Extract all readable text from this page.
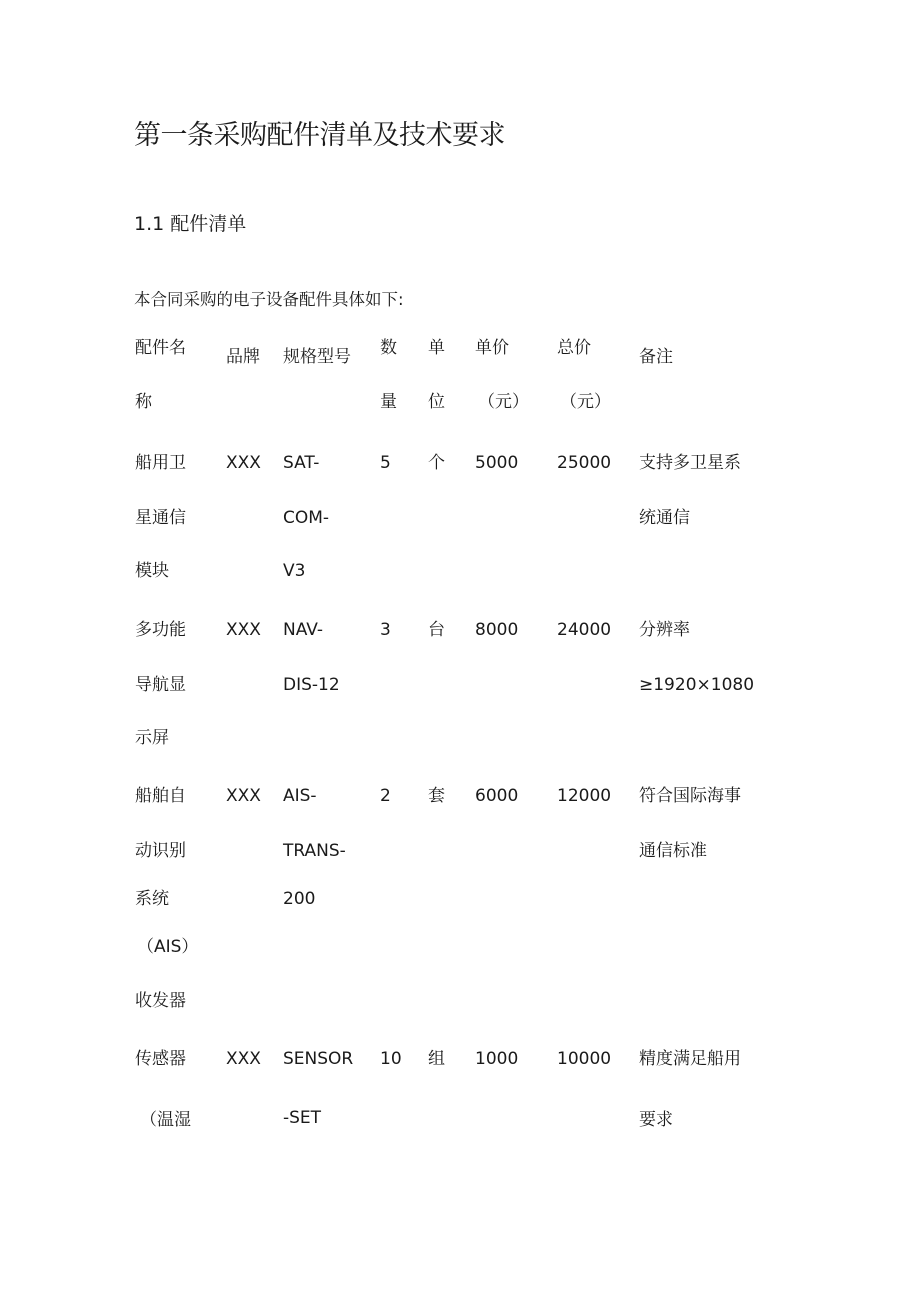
第一条采购配件清单及技术要求
1.1 配件清单

本合同采购的电子设备配件具体如下:

配件名
称
品牌 规格型号 数
量
单
位
单价
（元）
总价
（元）
备注
船用卫
星通信
模块
XXX SAT-
COM-
V3
5 个 5000 25000 支持多卫星系
统通信
多功能
导航显
示屏
XXX NAV-
DIS-12
3 台 8000 24000 分辨率
≥1920×1080
船舶自
动识别
系统
（AIS）
收发器
XXX AIS-
TRANS-
200
2 套 6000 12000 符合国际海事
通信标准
传感器
（温湿
XXX SENSOR
-SET
10 组 1000 10000 精度满足船用
要求
